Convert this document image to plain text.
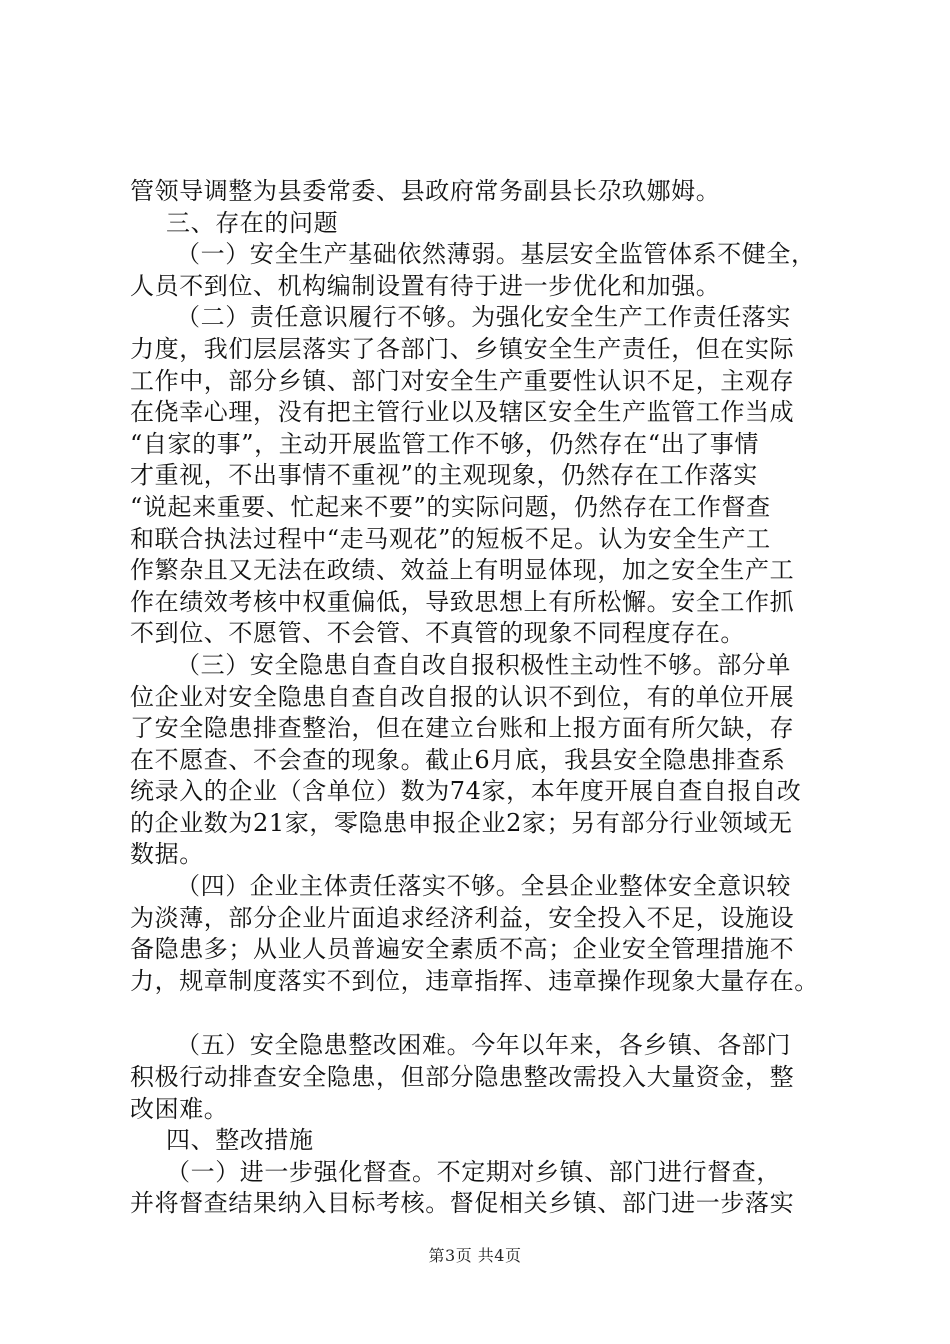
管领导调整为县委常委、县政府常务副县长尕玖娜姆。
三、存在的问题
（一）安全生产基础依然薄弱。基层安全监管体系不健全，
人员不到位、机构编制设置有待于进一步优化和加强。
（二）责任意识履行不够。为强化安全生产工作责任落实
力度，我们层层落实了各部门、乡镇安全生产责任，但在实际
工作中，部分乡镇、部门对安全生产重要性认识不足，主观存
在侥幸心理，没有把主管行业以及辖区安全生产监管工作当成
“自家的事”，主动开展监管工作不够，仍然存在“出了事情
才重视，不出事情不重视”的主观现象，仍然存在工作落实
“说起来重要、忙起来不要”的实际问题，仍然存在工作督查
和联合执法过程中“走马观花”的短板不足。认为安全生产工
作繁杂且又无法在政绩、效益上有明显体现，加之安全生产工
作在绩效考核中权重偏低，导致思想上有所松懈。安全工作抓
不到位、不愿管、不会管、不真管的现象不同程度存在。
（三）安全隐患自查自改自报积极性主动性不够。部分单
位企业对安全隐患自查自改自报的认识不到位，有的单位开展
了安全隐患排查整治，但在建立台账和上报方面有所欠缺，存
在不愿查、不会查的现象。截止6月底，我县安全隐患排查系
统录入的企业（含单位）数为74家，本年度开展自查自报自改
的企业数为21家，零隐患申报企业2家；另有部分行业领域无
数据。
（四）企业主体责任落实不够。全县企业整体安全意识较
为淡薄，部分企业片面追求经济利益，安全投入不足，设施设
备隐患多；从业人员普遍安全素质不高；企业安全管理措施不
力，规章制度落实不到位，违章指挥、违章操作现象大量存在。
（五）安全隐患整改困难。今年以年来，各乡镇、各部门
积极行动排查安全隐患，但部分隐患整改需投入大量资金，整
改困难。
四、整改措施
（一）进一步强化督查。不定期对乡镇、部门进行督查，
并将督查结果纳入目标考核。督促相关乡镇、部门进一步落实
第3页 共4页
